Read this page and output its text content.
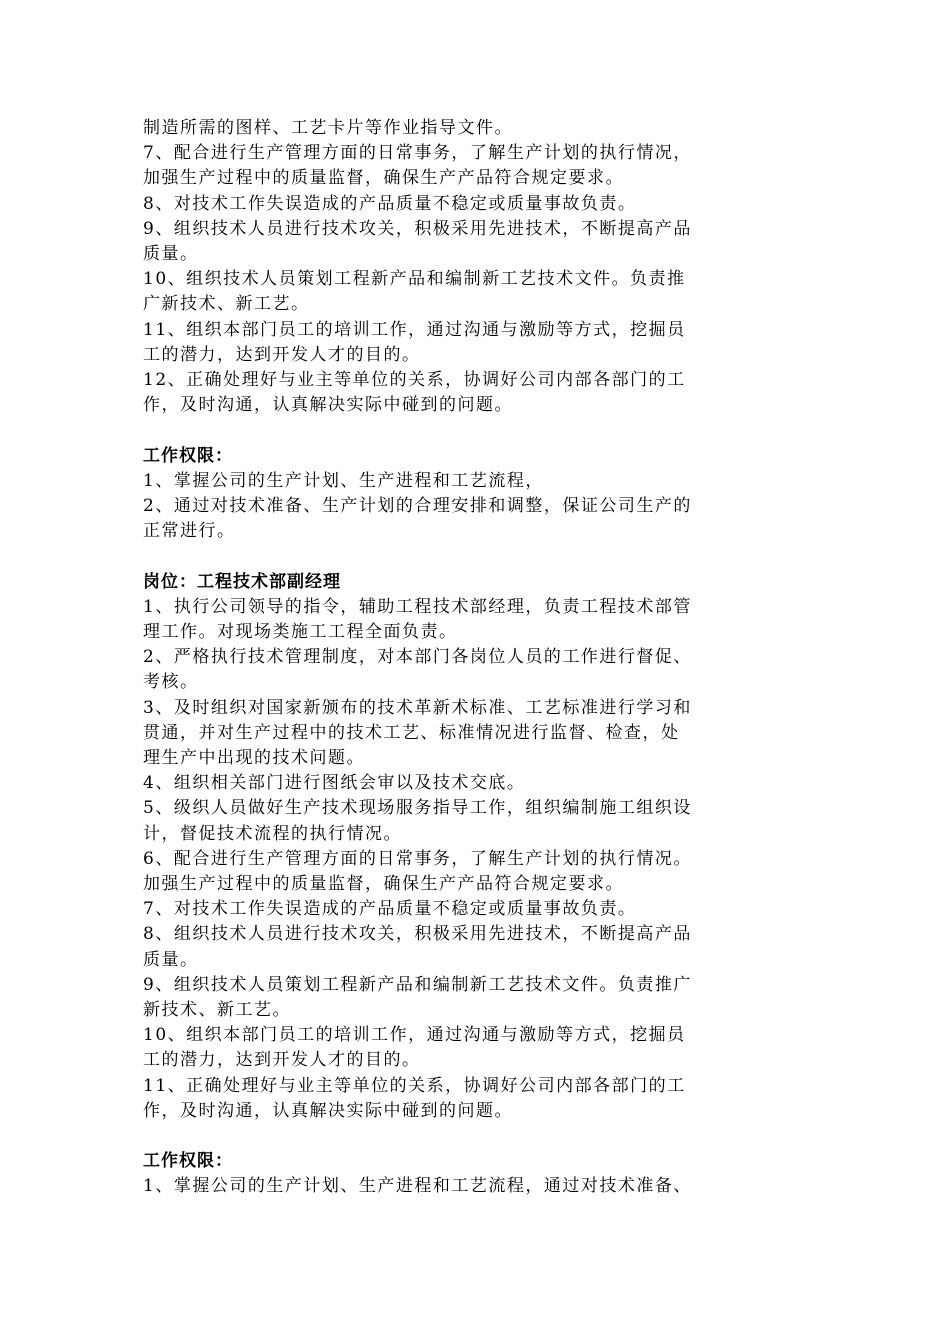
制造所需的图样、工艺卡片等作业指导文件。
7、配合进行生产管理方面的日常事务，了解生产计划的执行情况，
加强生产过程中的质量监督，确保生产产品符合规定要求。
8、对技术工作失误造成的产品质量不稳定或质量事故负责。
9、组织技术人员进行技术攻关，积极采用先进技术，不断提高产品
质量。
10、组织技术人员策划工程新产品和编制新工艺技术文件。负责推
广新技术、新工艺。
11、组织本部门员工的培训工作，通过沟通与激励等方式，挖掘员
工的潜力，达到开发人才的目的。
12、正确处理好与业主等单位的关系，协调好公司内部各部门的工
作，及时沟通，认真解决实际中碰到的问题。
工作权限：
1、掌握公司的生产计划、生产进程和工艺流程，
2、通过对技术准备、生产计划的合理安排和调整，保证公司生产的
正常进行。
岗位：工程技术部副经理
1、执行公司领导的指令，辅助工程技术部经理，负责工程技术部管
理工作。对现场类施工工程全面负责。
2、严格执行技术管理制度，对本部门各岗位人员的工作进行督促、
考核。
3、及时组织对国家新颁布的技术革新术标准、工艺标准进行学习和
贯通，并对生产过程中的技术工艺、标准情况进行监督、检查，处
理生产中出现的技术问题。
4、组织相关部门进行图纸会审以及技术交底。
5、级织人员做好生产技术现场服务指导工作，组织编制施工组织设
计，督促技术流程的执行情况。
6、配合进行生产管理方面的日常事务，了解生产计划的执行情况。
加强生产过程中的质量监督，确保生产产品符合规定要求。
7、对技术工作失误造成的产品质量不稳定或质量事故负责。
8、组织技术人员进行技术攻关，积极采用先进技术，不断提高产品
质量。
9、组织技术人员策划工程新产品和编制新工艺技术文件。负责推广
新技术、新工艺。
10、组织本部门员工的培训工作，通过沟通与激励等方式，挖掘员
工的潜力，达到开发人才的目的。
11、正确处理好与业主等单位的关系，协调好公司内部各部门的工
作，及时沟通，认真解决实际中碰到的问题。
工作权限：
1、掌握公司的生产计划、生产进程和工艺流程，通过对技术准备、
